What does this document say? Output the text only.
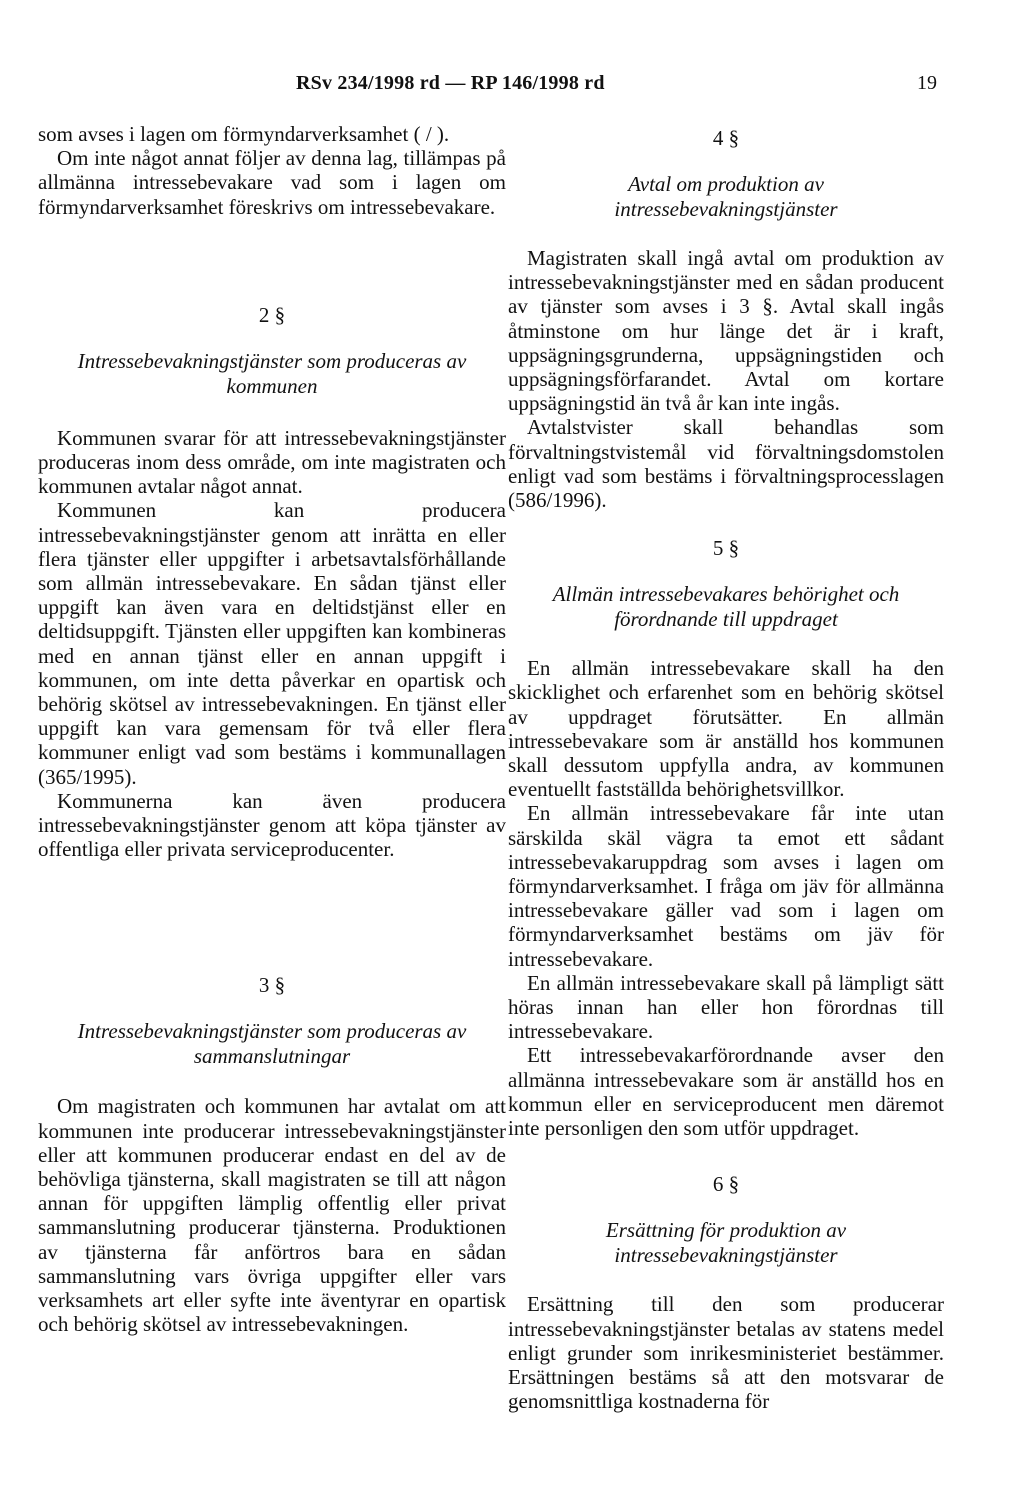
RSv 234/1998 rd — RP 146/1998 rd	19

som avses i lagen om förmyndarverksamhet ( / ).

Om inte något annat följer av denna lag, tillämpas på allmänna intressebevakare vad som i lagen om förmyndarverksamhet föreskrivs om intressebevakare.

2 §

Intressebevakningstjänster som produceras av kommunen

Kommunen svarar för att intressebevakningstjänster produceras inom dess område, om inte magistraten och kommunen avtalar något annat.

Kommunen kan producera intressebevakningstjänster genom att inrätta en eller flera tjänster eller uppgifter i arbetsavtalsförhållande som allmän intressebevakare. En sådan tjänst eller uppgift kan även vara en deltidstjänst eller en deltidsuppgift. Tjänsten eller uppgiften kan kombineras med en annan tjänst eller en annan uppgift i kommunen, om inte detta påverkar en opartisk och behörig skötsel av intressebevakningen. En tjänst eller uppgift kan vara gemensam för två eller flera kommuner enligt vad som bestäms i kommunallagen (365/1995).

Kommunerna kan även producera intressebevakningstjänster genom att köpa tjänster av offentliga eller privata serviceproducenter.

3 §

Intressebevakningstjänster som produceras av sammanslutningar

Om magistraten och kommunen har avtalat om att kommunen inte producerar intressebevakningstjänster eller att kommunen producerar endast en del av de behövliga tjänsterna, skall magistraten se till att någon annan för uppgiften lämplig offentlig eller privat sammanslutning producerar tjänsterna. Produktionen av tjänsterna får anförtros bara en sådan sammanslutning vars övriga uppgifter eller vars verksamhets art eller syfte inte äventyrar en opartisk och behörig skötsel av intressebevakningen.

4 §

Avtal om produktion av intressebevakningstjänster

Magistraten skall ingå avtal om produktion av intressebevakningstjänster med en sådan producent av tjänster som avses i 3 §. Avtal skall ingås åtminstone om hur länge det är i kraft, uppsägningsgrunderna, uppsägningstiden och uppsägningsförfarandet. Avtal om kortare uppsägningstid än två år kan inte ingås.

Avtalstvister skall behandlas som förvaltningstvistemål vid förvaltningsdomstolen enligt vad som bestäms i förvaltningsprocesslagen (586/1996).

5 §

Allmän intressebevakares behörighet och förordnande till uppdraget

En allmän intressebevakare skall ha den skicklighet och erfarenhet som en behörig skötsel av uppdraget förutsätter. En allmän intressebevakare som är anställd hos kommunen skall dessutom uppfylla andra, av kommunen eventuellt fastställda behörighetsvillkor.

En allmän intressebevakare får inte utan särskilda skäl vägra ta emot ett sådant intressebevakaruppdrag som avses i lagen om förmyndarverksamhet. I fråga om jäv för allmänna intressebevakare gäller vad som i lagen om förmyndarverksamhet bestäms om jäv för intressebevakare.

En allmän intressebevakare skall på lämpligt sätt höras innan han eller hon förordnas till intressebevakare.

Ett intressebevakarförordnande avser den allmänna intressebevakare som är anställd hos en kommun eller en serviceproducent men däremot inte personligen den som utför uppdraget.

6 §

Ersättning för produktion av intressebevakningstjänster

Ersättning till den som producerar intressebevakningstjänster betalas av statens medel enligt grunder som inrikesministeriet bestämmer. Ersättningen bestäms så att den motsvarar de genomsnittliga kostnaderna för
